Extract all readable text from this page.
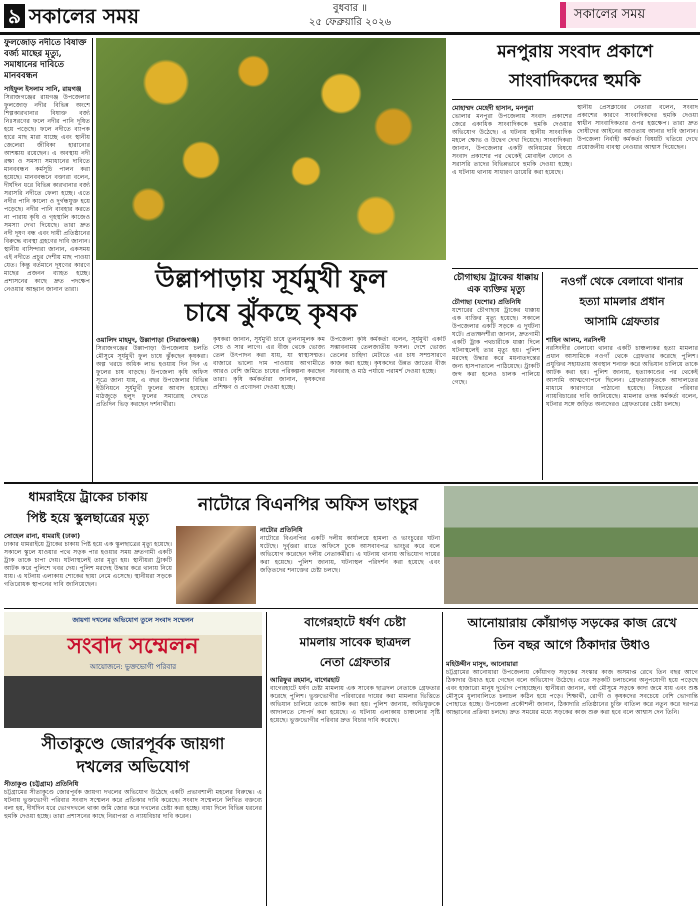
৯ সকালের সময়	বুধবার ॥
২৫ ফেব্রুয়ারি ২০২৬
সকালের সময়
ফুলজোড় নদীতে বিষাক্ত বর্জ্য মাছের মৃত্যু, সমাধানের দাবিতে মানববন্ধন
সাইফুল ইসলাম সানি, রায়গঞ্জ
সিরাজগঞ্জের রায়গঞ্জ উপজেলার ফুলজোড় নদীর বিভিন্ন অংশে শিল্পকারখানার বিষাক্ত বর্জ্য নিঃসরণের ফলে নদীর পানি দূষিত হয়ে পড়েছে। ফলে নদীতে ব্যাপক হারে মাছ মারা যাচ্ছে এবং স্থানীয় জেলেরা জীবিকা হারানোর আশঙ্কায় রয়েছেন। এ অবস্থায় নদী রক্ষা ও সমস্যা সমাধানের দাবিতে মানববন্ধন কর্মসূচি পালন করা হয়েছে। মানববন্ধনে বক্তারা বলেন, দীর্ঘদিন ধরে বিভিন্ন কারখানার বর্জ্য সরাসরি নদীতে ফেলা হচ্ছে। এতে নদীর পানি কালো ও দুর্গন্ধযুক্ত হয়ে পড়েছে। নদীর পানি ব্যবহার করতে না পারায় কৃষি ও গৃহস্থালি কাজেও সমস্যা দেখা দিয়েছে। তারা দ্রুত নদী দূষণ বন্ধ এবং দায়ী প্রতিষ্ঠানের বিরুদ্ধে ব্যবস্থা গ্রহণের দাবি জানান। স্থানীয় বাসিন্দারা জানান, একসময় এই নদীতে প্রচুর দেশীয় মাছ পাওয়া যেত। কিন্তু বর্তমানে দূষণের কারণে মাছের প্রজনন ব্যাহত হচ্ছে। প্রশাসনের কাছে দ্রুত পদক্ষেপ নেওয়ার আহ্বান জানান তারা।	উল্লাপাড়ায় সূর্যমুখী ফুল
চাষে ঝুঁকছে কৃষক
ওয়ালিদ মাহমুদ, উল্লাপাড়া (সিরাজগঞ্জ)
সিরাজগঞ্জের উল্লাপাড়া উপজেলায় চলতি মৌসুমে সূর্যমুখী ফুল চাষে ঝুঁকছেন কৃষকরা। অল্প খরচে অধিক লাভ হওয়ায় দিন দিন এ ফুলের চাষ বাড়ছে। উপজেলা কৃষি অফিস সূত্রে জানা যায়, এ বছর উপজেলার বিভিন্ন ইউনিয়নে সূর্যমুখী ফুলের আবাদ হয়েছে। মাঠজুড়ে হলুদ ফুলের সমারোহ দেখতে প্রতিদিন ভিড় করছেন দর্শনার্থীরা।
কৃষকরা জানান, সূর্যমুখী চাষে তুলনামূলক কম সেচ ও সার লাগে। এর বীজ থেকে ভোজ্য তেল উৎপাদন করা যায়, যা স্বাস্থ্যসম্মত। বাজারে ভালো দাম পাওয়ায় আগামীতে আরও বেশি জমিতে চাষের পরিকল্পনা করছেন তারা। কৃষি কর্মকর্তারা জানান, কৃষকদের প্রশিক্ষণ ও প্রণোদনা দেওয়া হচ্ছে।
উপজেলা কৃষি কর্মকর্তা বলেন, সূর্যমুখী একটি সম্ভাবনাময় তেলজাতীয় ফসল। দেশে ভোজ্য তেলের চাহিদা মেটাতে এর চাষ সম্প্রসারণে কাজ করা হচ্ছে। কৃষকদের উন্নত জাতের বীজ সরবরাহ ও মাঠ পর্যায়ে পরামর্শ দেওয়া হচ্ছে।
মনপুরায় সংবাদ প্রকাশে
সাংবাদিকদের হুমকি
মোহাম্মদ মেহেদী হাসান, মনপুরা
ভোলার মনপুরা উপজেলায় সংবাদ প্রকাশের জেরে একাধিক সাংবাদিককে হুমকি দেওয়ার অভিযোগ উঠেছে। এ ঘটনায় স্থানীয় সাংবাদিক মহলে ক্ষোভ ও উদ্বেগ দেখা দিয়েছে। সাংবাদিকরা জানান, উপজেলার একটি অনিয়মের বিষয়ে সংবাদ প্রকাশের পর থেকেই মোবাইল ফোনে ও সরাসরি তাদের বিভিন্নভাবে হুমকি দেওয়া হচ্ছে। এ ঘটনায় থানায় সাধারণ ডায়েরি করা হয়েছে।
স্থানীয় প্রেসক্লাবের নেতারা বলেন, সংবাদ প্রকাশের কারণে সাংবাদিকদের হুমকি দেওয়া স্বাধীন সাংবাদিকতার ওপর হস্তক্ষেপ। তারা দ্রুত দোষীদের আইনের আওতায় আনার দাবি জানান। উপজেলা নির্বাহী কর্মকর্তা বিষয়টি খতিয়ে দেখে প্রয়োজনীয় ব্যবস্থা নেওয়ার আশ্বাস দিয়েছেন।
চৌগাছায় ট্রাকের ধাক্কায় এক ব্যক্তির মৃত্যু
চৌগাছা (যশোর) প্রতিনিধি
যশোরের চৌগাছায় ট্রাকের ধাক্কায় এক ব্যক্তির মৃত্যু হয়েছে। সকালে উপজেলার একটি সড়কে এ দুর্ঘটনা ঘটে। প্রত্যক্ষদর্শীরা জানান, দ্রুতগামী একটি ট্রাক পথচারীকে ধাক্কা দিলে ঘটনাস্থলেই তার মৃত্যু হয়। পুলিশ মরদেহ উদ্ধার করে ময়নাতদন্তের জন্য হাসপাতালে পাঠিয়েছে। ট্রাকটি জব্দ করা হলেও চালক পালিয়ে গেছে।
নওগাঁ থেকে বেলাবো থানার
হত্যা মামলার প্রধান
আসামি গ্রেফতার
শাহিন আলম, নরসিংদী
নরসিংদীর বেলাবো থানার একটি চাঞ্চল্যকর হত্যা মামলার প্রধান আসামিকে নওগাঁ থেকে গ্রেফতার করেছে পুলিশ। প্রযুক্তির সহায়তায় অবস্থান শনাক্ত করে অভিযান চালিয়ে তাকে আটক করা হয়। পুলিশ জানায়, হত্যাকাণ্ডের পর থেকেই আসামি আত্মগোপনে ছিলেন। গ্রেফতারকৃতকে আদালতের মাধ্যমে কারাগারে পাঠানো হয়েছে। নিহতের পরিবার ন্যায়বিচারের দাবি জানিয়েছে। মামলার তদন্ত কর্মকর্তা বলেন, ঘটনার সঙ্গে জড়িত অন্যদেরও গ্রেফতারের চেষ্টা চলছে।
ধামরাইয়ে ট্রাকের চাকায়
পিষ্ট হয়ে স্কুলছাত্রের মৃত্যু
সোহেল রানা, ধামরাই (ঢাকা)
ঢাকার ধামরাইয়ে ট্রাকের চাকায় পিষ্ট হয়ে এক স্কুলছাত্রের মৃত্যু হয়েছে। সকালে স্কুলে যাওয়ার পথে সড়ক পার হওয়ার সময় দ্রুতগামী একটি ট্রাক তাকে চাপা দেয়। ঘটনাস্থলেই তার মৃত্যু হয়। স্থানীয়রা ট্রাকটি আটক করে পুলিশে খবর দেয়। পুলিশ মরদেহ উদ্ধার করে থানায় নিয়ে যায়। এ ঘটনায় এলাকায় শোকের ছায়া নেমে এসেছে। স্থানীয়রা সড়কে গতিরোধক স্থাপনের দাবি জানিয়েছেন।
নাটোরে বিএনপির অফিস ভাংচুর
নাটোর প্রতিনিধি
নাটোরে বিএনপির একটি দলীয় কার্যালয়ে হামলা ও ভাংচুরের ঘটনা ঘটেছে। দুর্বৃত্তরা রাতে অফিসে ঢুকে আসবাবপত্র ভাংচুর করে বলে অভিযোগ করেছেন দলীয় নেতাকর্মীরা। এ ঘটনায় থানায় অভিযোগ দায়ের করা হয়েছে। পুলিশ জানায়, ঘটনাস্থল পরিদর্শন করা হয়েছে এবং জড়িতদের শনাক্তের চেষ্টা চলছে।
জায়গা দখলের অভিযোগ তুলে সংবাদ সম্মেলন
সংবাদ সম্মেলন
আয়োজনে: ভুক্তভোগী পরিবার
সীতাকুণ্ডে জোরপূর্বক জায়গা
দখলের অভিযোগ
সীতাকুণ্ড (চট্টগ্রাম) প্রতিনিধি
চট্টগ্রামের সীতাকুণ্ডে জোরপূর্বক জায়গা দখলের অভিযোগ উঠেছে একটি প্রভাবশালী মহলের বিরুদ্ধে। এ ঘটনায় ভুক্তভোগী পরিবার সংবাদ সম্মেলন করে প্রতিকার দাবি করেছে। সংবাদ সম্মেলনে লিখিত বক্তব্যে বলা হয়, দীর্ঘদিন ধরে ভোগদখলে থাকা জমি জোর করে দখলের চেষ্টা করা হচ্ছে। বাধা দিলে বিভিন্ন ধরনের হুমকি দেওয়া হচ্ছে। তারা প্রশাসনের কাছে নিরাপত্তা ও ন্যায়বিচার দাবি করেন।
বাগেরহাটে ধর্ষণ চেষ্টা
মামলায় সাবেক ছাত্রদল
নেতা গ্রেফতার
আরিফুর রহমান, বাগেরহাট
বাগেরহাটে ধর্ষণ চেষ্টা মামলায় এক সাবেক ছাত্রদল নেতাকে গ্রেফতার করেছে পুলিশ। ভুক্তভোগীর পরিবারের দায়ের করা মামলার ভিত্তিতে অভিযান চালিয়ে তাকে আটক করা হয়। পুলিশ জানায়, অভিযুক্তকে আদালতে সোপর্দ করা হয়েছে। এ ঘটনায় এলাকায় চাঞ্চল্যের সৃষ্টি হয়েছে। ভুক্তভোগীর পরিবার দ্রুত বিচার দাবি করেছে।
আনোয়ারায় কোঁয়াগড় সড়কের কাজ রেখে
তিন বছর আগে ঠিকাদার উধাও
মহিউদ্দীন মাসুদ, আনোয়ারা
চট্টগ্রামের আনোয়ারা উপজেলায় কোঁয়াগড় সড়কের সংস্কার কাজ অসমাপ্ত রেখে তিন বছর আগে ঠিকাদার উধাও হয়ে গেছেন বলে অভিযোগ উঠেছে। এতে সড়কটি চলাচলের অনুপযোগী হয়ে পড়েছে এবং হাজারো মানুষ দুর্ভোগ পোহাচ্ছেন। স্থানীয়রা জানান, বর্ষা মৌসুমে সড়কে কাদা জমে যায় এবং শুষ্ক মৌসুমে ধুলাবালিতে চলাচল কঠিন হয়ে পড়ে। শিক্ষার্থী, রোগী ও কৃষকদের সবচেয়ে বেশি ভোগান্তি পোহাতে হচ্ছে। উপজেলা প্রকৌশলী জানান, ঠিকাদারি প্রতিষ্ঠানের চুক্তি বাতিল করে নতুন করে দরপত্র আহ্বানের প্রক্রিয়া চলছে। দ্রুত সময়ের মধ্যে সড়কের কাজ শুরু করা হবে বলে আশ্বাস দেন তিনি।
